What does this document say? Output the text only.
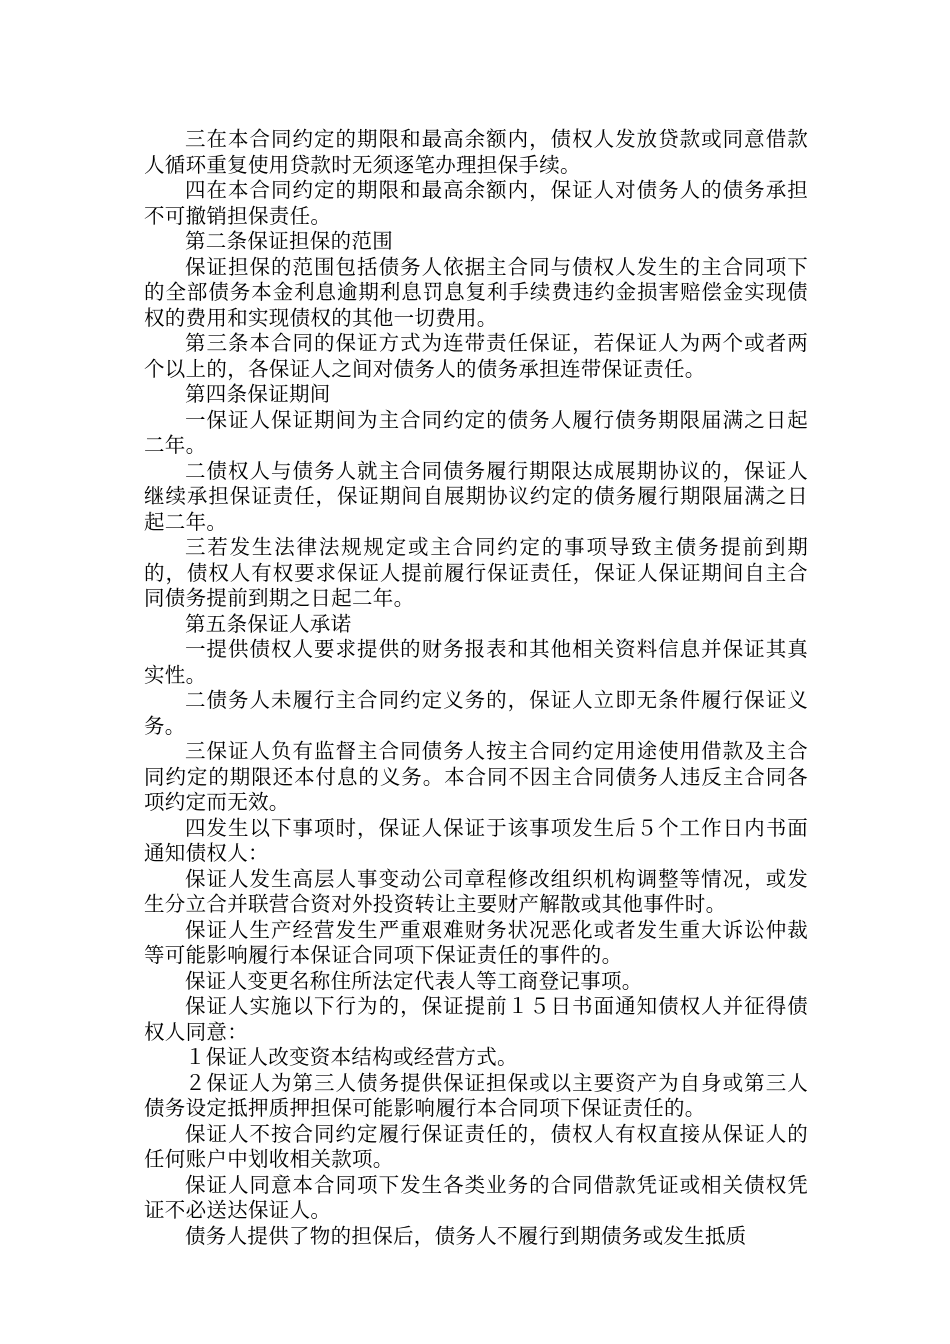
三在本合同约定的期限和最高余额内，债权人发放贷款或同意借款人循环重复使用贷款时无须逐笔办理担保手续。

四在本合同约定的期限和最高余额内，保证人对债务人的债务承担不可撤销担保责任。

第二条保证担保的范围

保证担保的范围包括债务人依据主合同与债权人发生的主合同项下的全部债务本金利息逾期利息罚息复利手续费违约金损害赔偿金实现债权的费用和实现债权的其他一切费用。

第三条本合同的保证方式为连带责任保证，若保证人为两个或者两个以上的，各保证人之间对债务人的债务承担连带保证责任。

第四条保证期间

一保证人保证期间为主合同约定的债务人履行债务期限届满之日起二年。

二债权人与债务人就主合同债务履行期限达成展期协议的，保证人继续承担保证责任，保证期间自展期协议约定的债务履行期限届满之日起二年。

三若发生法律法规规定或主合同约定的事项导致主债务提前到期的，债权人有权要求保证人提前履行保证责任，保证人保证期间自主合同债务提前到期之日起二年。

第五条保证人承诺

一提供债权人要求提供的财务报表和其他相关资料信息并保证其真实性。

二债务人未履行主合同约定义务的，保证人立即无条件履行保证义务。

三保证人负有监督主合同债务人按主合同约定用途使用借款及主合同约定的期限还本付息的义务。本合同不因主合同债务人违反主合同各项约定而无效。

四发生以下事项时，保证人保证于该事项发生后５个工作日内书面通知债权人：

保证人发生高层人事变动公司章程修改组织机构调整等情况，或发生分立合并联营合资对外投资转让主要财产解散或其他事件时。

保证人生产经营发生严重艰难财务状况恶化或者发生重大诉讼仲裁等可能影响履行本保证合同项下保证责任的事件的。

保证人变更名称住所法定代表人等工商登记事项。

保证人实施以下行为的，保证提前１５日书面通知债权人并征得债权人同意：

１保证人改变资本结构或经营方式。

２保证人为第三人债务提供保证担保或以主要资产为自身或第三人债务设定抵押质押担保可能影响履行本合同项下保证责任的。

保证人不按合同约定履行保证责任的，债权人有权直接从保证人的任何账户中划收相关款项。

保证人同意本合同项下发生各类业务的合同借款凭证或相关债权凭证不必送达保证人。

债务人提供了物的担保后，债务人不履行到期债务或发生抵质
